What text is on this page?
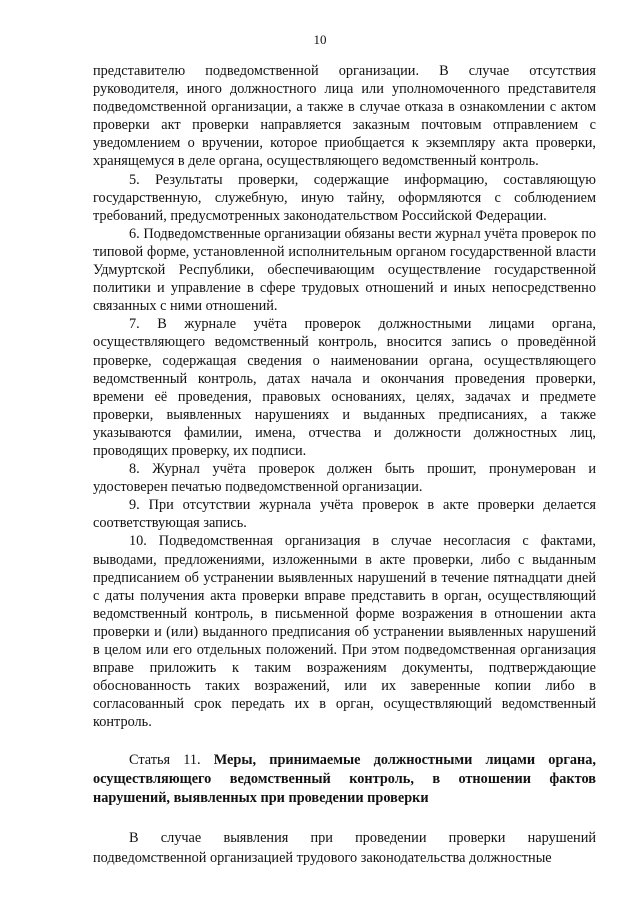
10

представителю подведомственной организации. В случае отсутствия руководителя, иного должностного лица или уполномоченного представителя подведомственной организации, а также в случае отказа в ознакомлении с актом проверки акт проверки направляется заказным почтовым отправлением с уведомлением о вручении, которое приобщается к экземпляру акта проверки, хранящемуся в деле органа, осуществляющего ведомственный контроль.

5. Результаты проверки, содержащие информацию, составляющую государственную, служебную, иную тайну, оформляются с соблюдением требований, предусмотренных законодательством Российской Федерации.

6. Подведомственные организации обязаны вести журнал учёта проверок по типовой форме, установленной исполнительным органом государственной власти Удмуртской Республики, обеспечивающим осуществление государственной политики и управление в сфере трудовых отношений и иных непосредственно связанных с ними отношений.

7. В журнале учёта проверок должностными лицами органа, осуществляющего ведомственный контроль, вносится запись о проведённой проверке, содержащая сведения о наименовании органа, осуществляющего ведомственный контроль, датах начала и окончания проведения проверки, времени её проведения, правовых основаниях, целях, задачах и предмете проверки, выявленных нарушениях и выданных предписаниях, а также указываются фамилии, имена, отчества и должности должностных лиц, проводящих проверку, их подписи.

8. Журнал учёта проверок должен быть прошит, пронумерован и удостоверен печатью подведомственной организации.

9. При отсутствии журнала учёта проверок в акте проверки делается соответствующая запись.

10. Подведомственная организация в случае несогласия с фактами, выводами, предложениями, изложенными в акте проверки, либо с выданным предписанием об устранении выявленных нарушений в течение пятнадцати дней с даты получения акта проверки вправе представить в орган, осуществляющий ведомственный контроль, в письменной форме возражения в отношении акта проверки и (или) выданного предписания об устранении выявленных нарушений в целом или его отдельных положений. При этом подведомственная организация вправе приложить к таким возражениям документы, подтверждающие обоснованность таких возражений, или их заверенные копии либо в согласованный срок передать их в орган, осуществляющий ведомственный контроль.

Статья 11. Меры, принимаемые должностными лицами органа, осуществляющего ведомственный контроль, в отношении фактов нарушений, выявленных при проведении проверки

В случае выявления при проведении проверки нарушений подведомственной организацией трудового законодательства должностные
